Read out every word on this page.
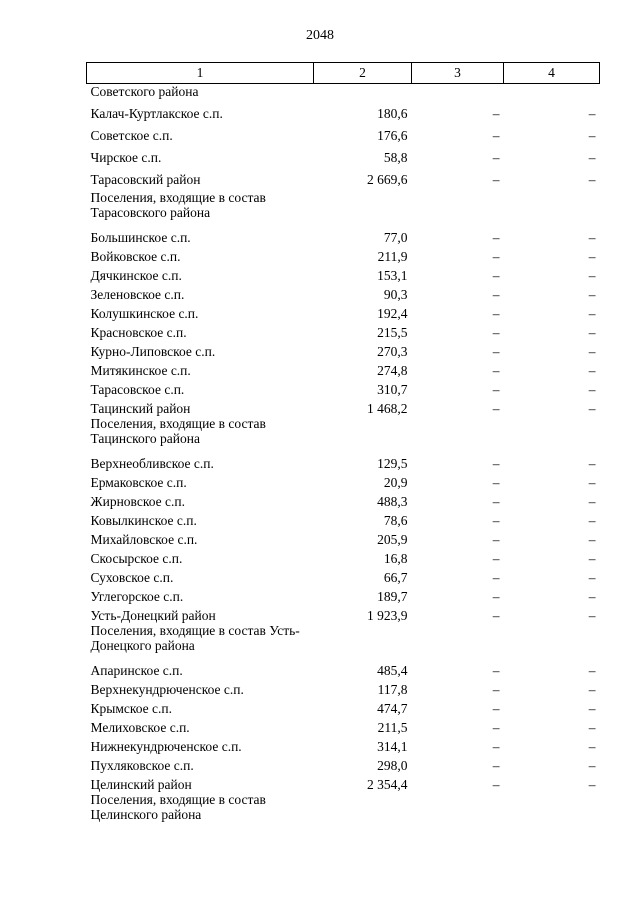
2048
1	2	3	4
Советского района			
Калач-Куртлакское с.п.	180,6	–	–
Советское с.п.	176,6	–	–
Чирское с.п.	58,8	–	–
Тарасовский район	2 669,6	–	–
Поселения, входящие в состав Тарасовского района			
Большинское с.п.	77,0	–	–
Войковское с.п.	211,9	–	–
Дячкинское с.п.	153,1	–	–
Зеленовское с.п.	90,3	–	–
Колушкинское с.п.	192,4	–	–
Красновское с.п.	215,5	–	–
Курно-Липовское с.п.	270,3	–	–
Митякинское с.п.	274,8	–	–
Тарасовское с.п.	310,7	–	–
Тацинский район	1 468,2	–	–
Поселения, входящие в состав Тацинского района			
Верхнеобливское с.п.	129,5	–	–
Ермаковское с.п.	20,9	–	–
Жирновское с.п.	488,3	–	–
Ковылкинское с.п.	78,6	–	–
Михайловское с.п.	205,9	–	–
Скосырское с.п.	16,8	–	–
Суховское с.п.	66,7	–	–
Углегорское с.п.	189,7	–	–
Усть-Донецкий район	1 923,9	–	–
Поселения, входящие в состав Усть-Донецкого района			
Апаринское с.п.	485,4	–	–
Верхнекундрюченское с.п.	117,8	–	–
Крымское с.п.	474,7	–	–
Мелиховское с.п.	211,5	–	–
Нижнекундрюченское с.п.	314,1	–	–
Пухляковское с.п.	298,0	–	–
Целинский район	2 354,4	–	–
Поселения, входящие в состав Целинского района			
